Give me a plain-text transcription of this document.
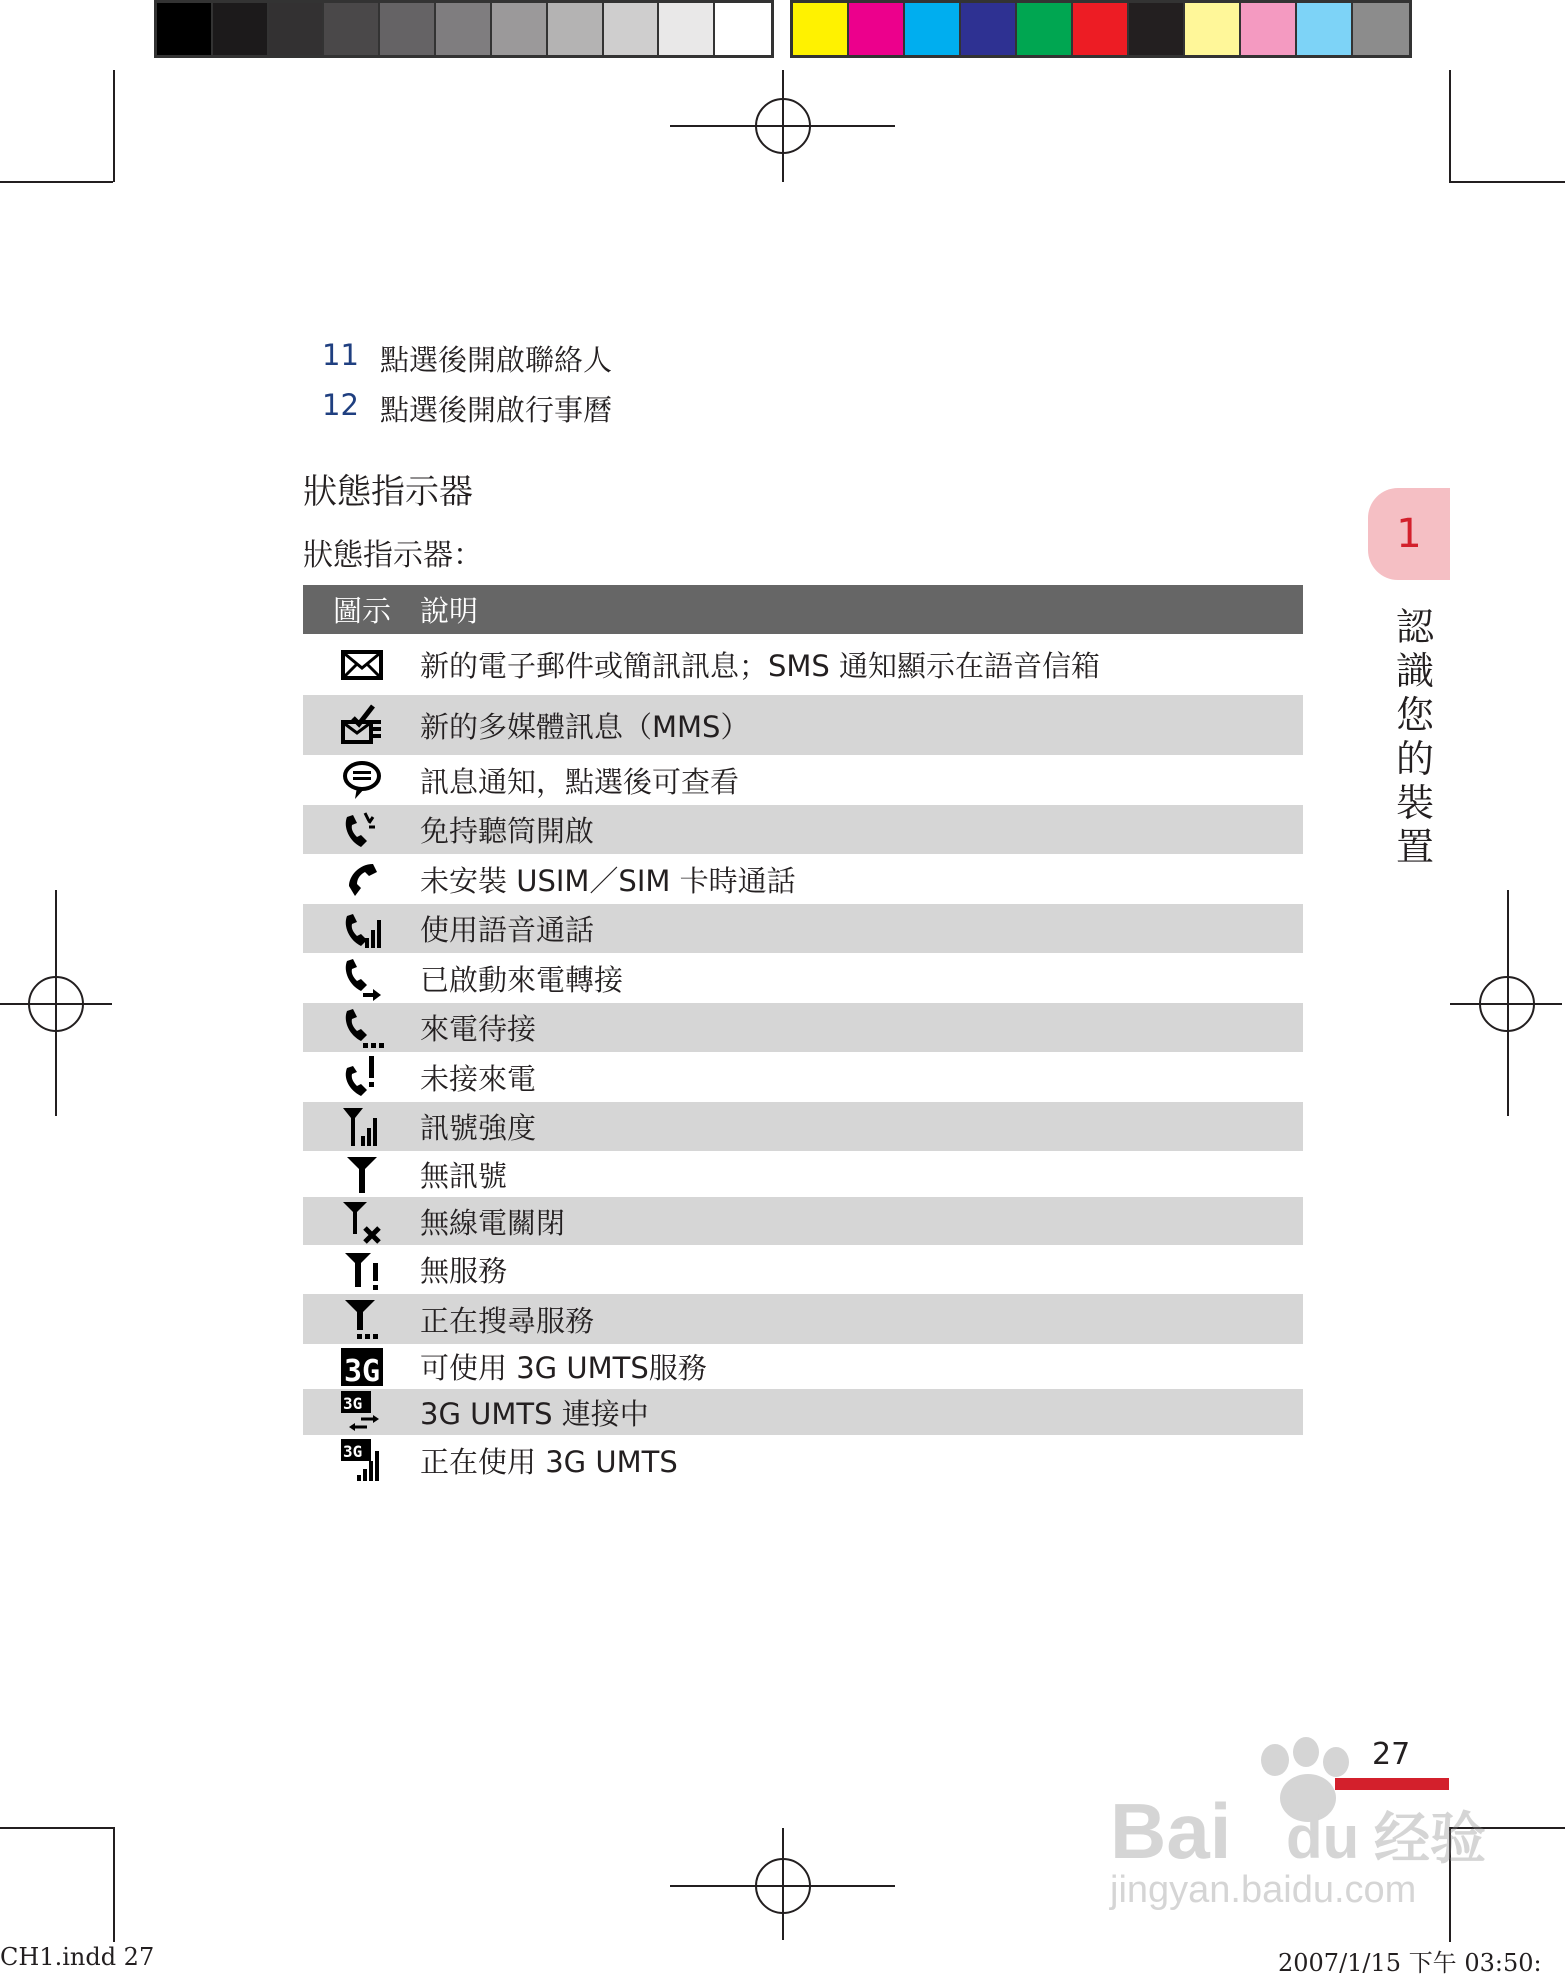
11 點選後開啟聯絡人
12 點選後開啟行事曆
狀態指示器
狀態指示器：
圖示 說明
新的電子郵件或簡訊訊息；SMS 通知顯示在語音信箱
新的多媒體訊息（MMS）
訊息通知，點選後可查看
免持聽筒開啟
未安裝 USIM／SIM 卡時通話
使用語音通話
已啟動來電轉接
來電待接
未接來電
訊號強度
無訊號
無線電關閉
無服務
正在搜尋服務
3G 可使用 3G UMTS服務
3G 3G UMTS 連接中
3G 正在使用 3G UMTS
1
認識您的裝置
27
Bai du 经验
jingyan.baidu.com
CH1.indd 27	2007/1/15 下午 03:50:
